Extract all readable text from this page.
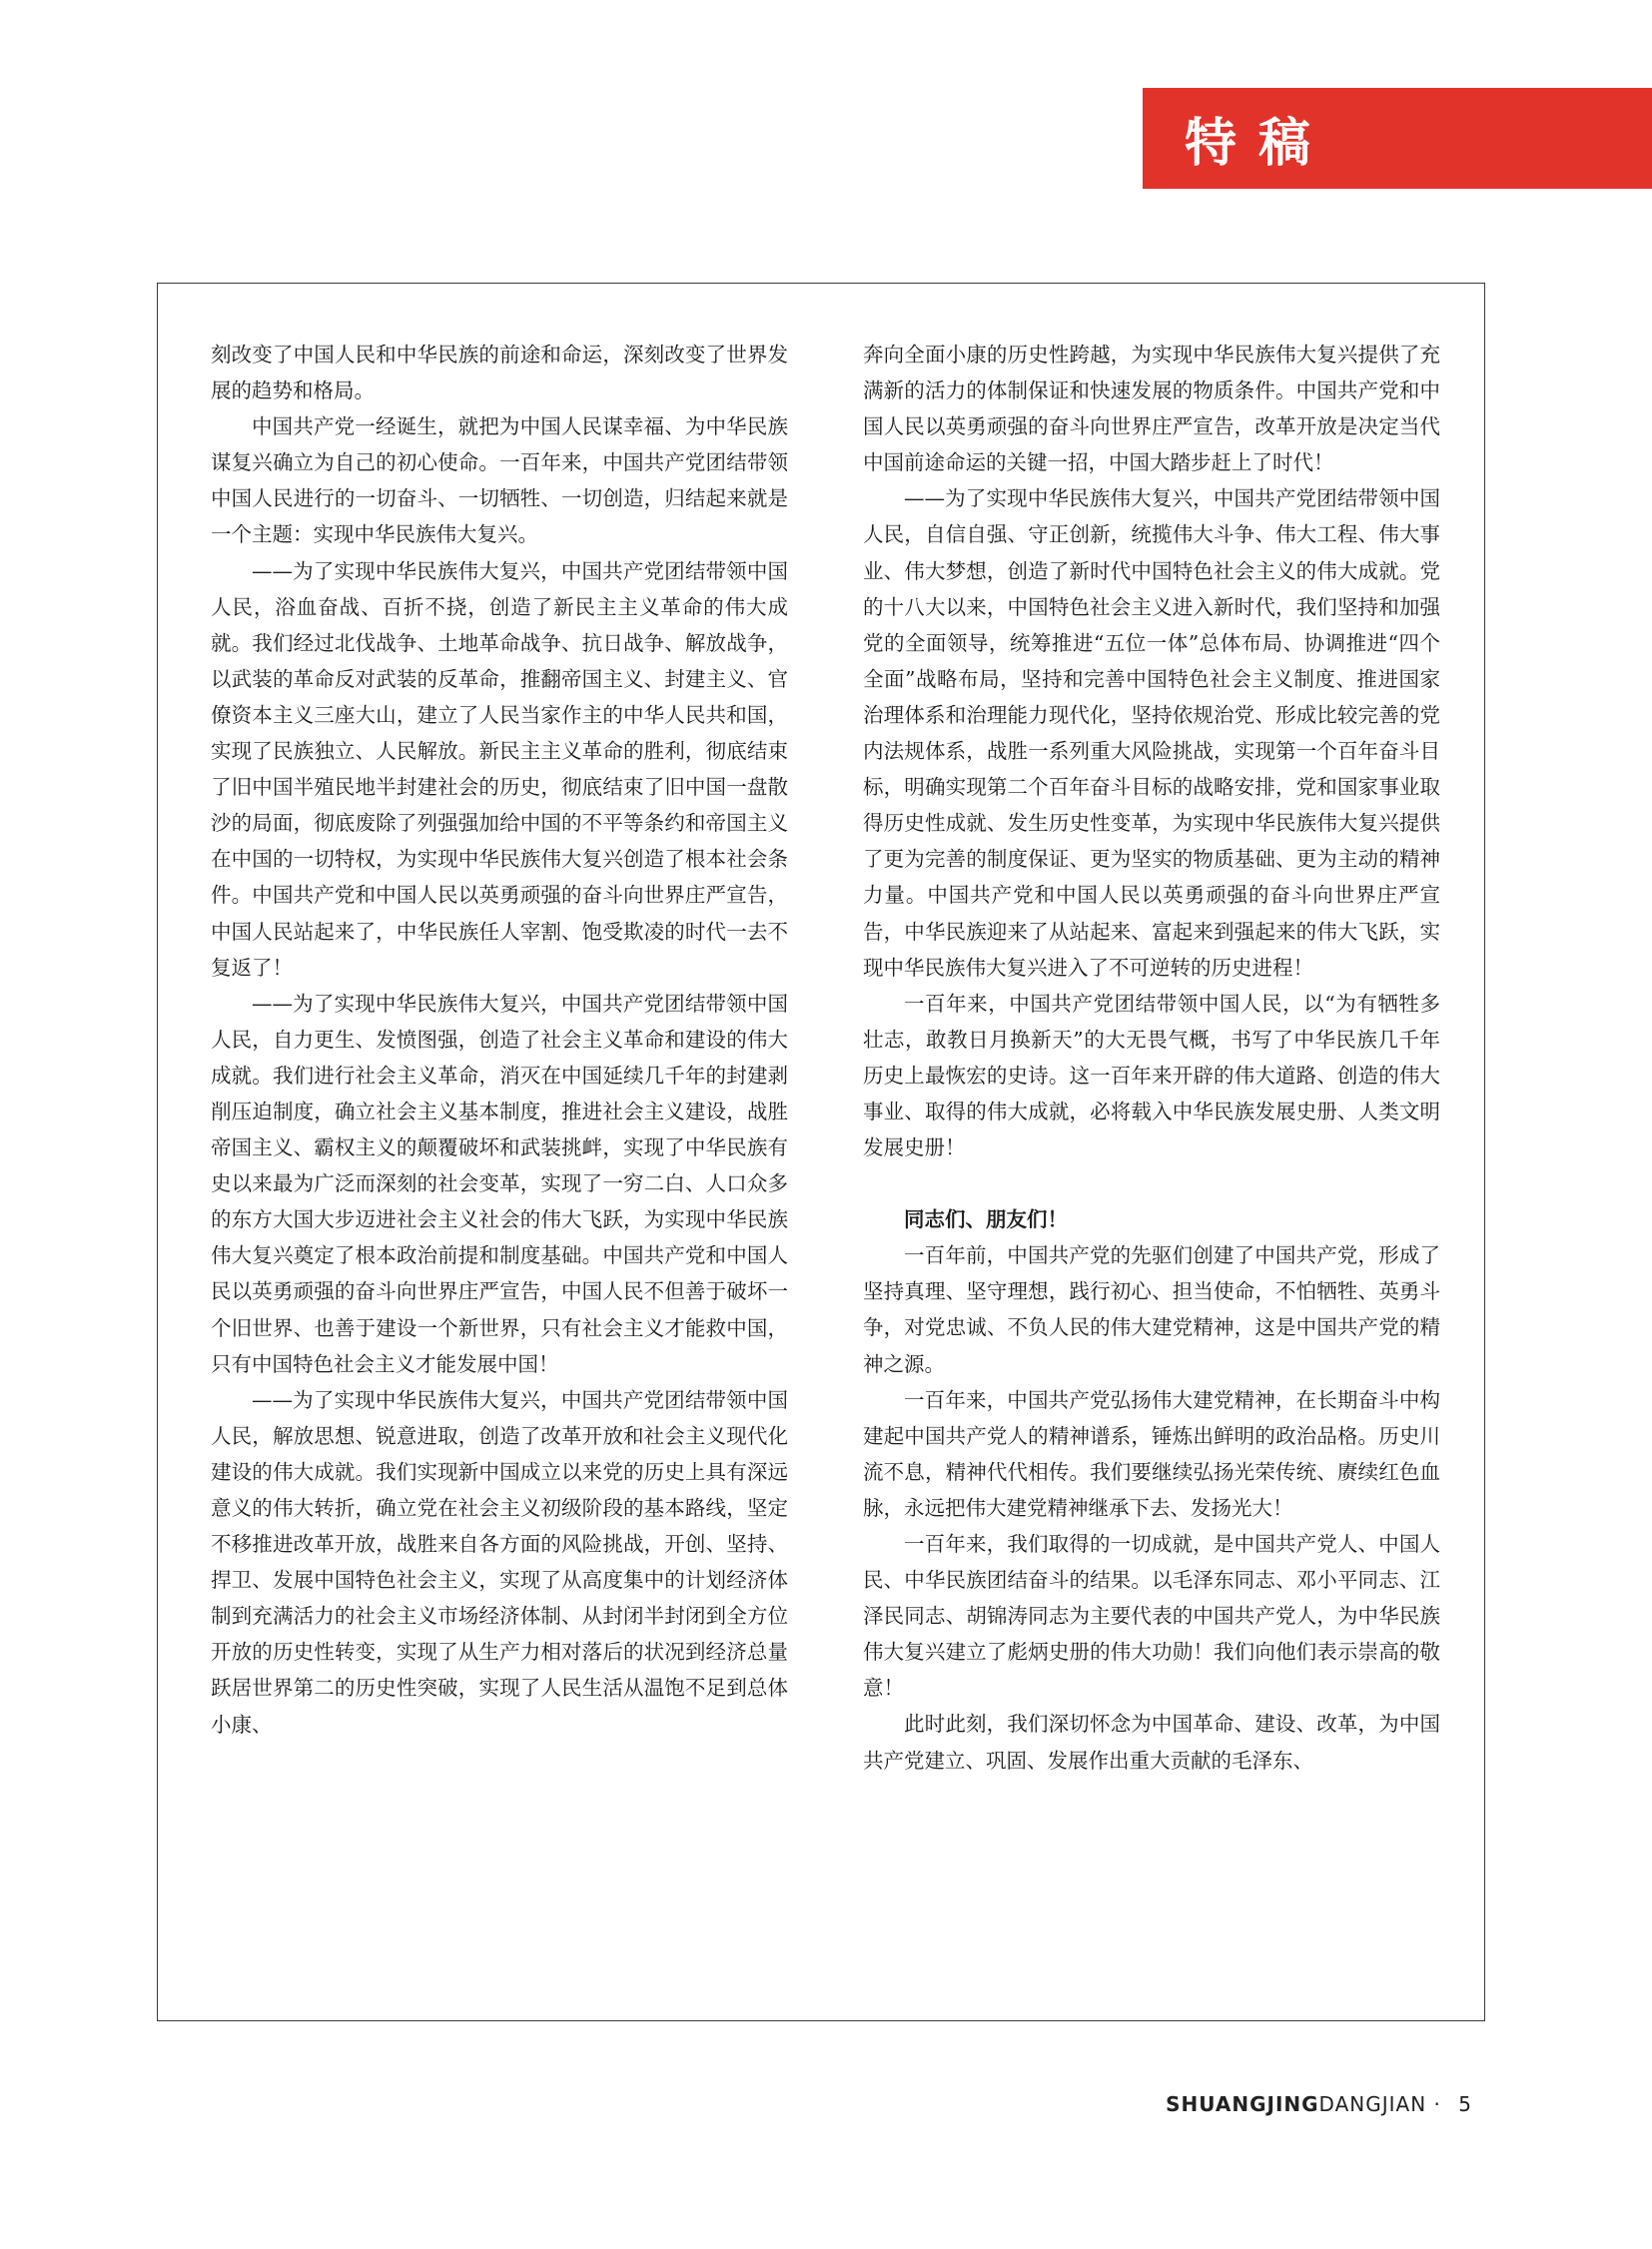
特稿

刻改变了中国人民和中华民族的前途和命运，深刻改变了世界发展的趋势和格局。

中国共产党一经诞生，就把为中国人民谋幸福、为中华民族谋复兴确立为自己的初心使命。一百年来，中国共产党团结带领中国人民进行的一切奋斗、一切牺牲、一切创造，归结起来就是一个主题：实现中华民族伟大复兴。

——为了实现中华民族伟大复兴，中国共产党团结带领中国人民，浴血奋战、百折不挠，创造了新民主主义革命的伟大成就。我们经过北伐战争、土地革命战争、抗日战争、解放战争，以武装的革命反对武装的反革命，推翻帝国主义、封建主义、官僚资本主义三座大山，建立了人民当家作主的中华人民共和国，实现了民族独立、人民解放。新民主主义革命的胜利，彻底结束了旧中国半殖民地半封建社会的历史，彻底结束了旧中国一盘散沙的局面，彻底废除了列强强加给中国的不平等条约和帝国主义在中国的一切特权，为实现中华民族伟大复兴创造了根本社会条件。中国共产党和中国人民以英勇顽强的奋斗向世界庄严宣告，中国人民站起来了，中华民族任人宰割、饱受欺凌的时代一去不复返了！

——为了实现中华民族伟大复兴，中国共产党团结带领中国人民，自力更生、发愤图强，创造了社会主义革命和建设的伟大成就。我们进行社会主义革命，消灭在中国延续几千年的封建剥削压迫制度，确立社会主义基本制度，推进社会主义建设，战胜帝国主义、霸权主义的颠覆破坏和武装挑衅，实现了中华民族有史以来最为广泛而深刻的社会变革，实现了一穷二白、人口众多的东方大国大步迈进社会主义社会的伟大飞跃，为实现中华民族伟大复兴奠定了根本政治前提和制度基础。中国共产党和中国人民以英勇顽强的奋斗向世界庄严宣告，中国人民不但善于破坏一个旧世界、也善于建设一个新世界，只有社会主义才能救中国，只有中国特色社会主义才能发展中国！

——为了实现中华民族伟大复兴，中国共产党团结带领中国人民，解放思想、锐意进取，创造了改革开放和社会主义现代化建设的伟大成就。我们实现新中国成立以来党的历史上具有深远意义的伟大转折，确立党在社会主义初级阶段的基本路线，坚定不移推进改革开放，战胜来自各方面的风险挑战，开创、坚持、捍卫、发展中国特色社会主义，实现了从高度集中的计划经济体制到充满活力的社会主义市场经济体制、从封闭半封闭到全方位开放的历史性转变，实现了从生产力相对落后的状况到经济总量跃居世界第二的历史性突破，实现了人民生活从温饱不足到总体小康、

奔向全面小康的历史性跨越，为实现中华民族伟大复兴提供了充满新的活力的体制保证和快速发展的物质条件。中国共产党和中国人民以英勇顽强的奋斗向世界庄严宣告，改革开放是决定当代中国前途命运的关键一招，中国大踏步赶上了时代！

——为了实现中华民族伟大复兴，中国共产党团结带领中国人民，自信自强、守正创新，统揽伟大斗争、伟大工程、伟大事业、伟大梦想，创造了新时代中国特色社会主义的伟大成就。党的十八大以来，中国特色社会主义进入新时代，我们坚持和加强党的全面领导，统筹推进“五位一体”总体布局、协调推进“四个全面”战略布局，坚持和完善中国特色社会主义制度、推进国家治理体系和治理能力现代化，坚持依规治党、形成比较完善的党内法规体系，战胜一系列重大风险挑战，实现第一个百年奋斗目标，明确实现第二个百年奋斗目标的战略安排，党和国家事业取得历史性成就、发生历史性变革，为实现中华民族伟大复兴提供了更为完善的制度保证、更为坚实的物质基础、更为主动的精神力量。中国共产党和中国人民以英勇顽强的奋斗向世界庄严宣告，中华民族迎来了从站起来、富起来到强起来的伟大飞跃，实现中华民族伟大复兴进入了不可逆转的历史进程！

一百年来，中国共产党团结带领中国人民，以“为有牺牲多壮志，敢教日月换新天”的大无畏气概，书写了中华民族几千年历史上最恢宏的史诗。这一百年来开辟的伟大道路、创造的伟大事业、取得的伟大成就，必将载入中华民族发展史册、人类文明发展史册！

同志们、朋友们！

一百年前，中国共产党的先驱们创建了中国共产党，形成了坚持真理、坚守理想，践行初心、担当使命，不怕牺牲、英勇斗争，对党忠诚、不负人民的伟大建党精神，这是中国共产党的精神之源。

一百年来，中国共产党弘扬伟大建党精神，在长期奋斗中构建起中国共产党人的精神谱系，锤炼出鲜明的政治品格。历史川流不息，精神代代相传。我们要继续弘扬光荣传统、赓续红色血脉，永远把伟大建党精神继承下去、发扬光大！

一百年来，我们取得的一切成就，是中国共产党人、中国人民、中华民族团结奋斗的结果。以毛泽东同志、邓小平同志、江泽民同志、胡锦涛同志为主要代表的中国共产党人，为中华民族伟大复兴建立了彪炳史册的伟大功勋！我们向他们表示崇高的敬意！

此时此刻，我们深切怀念为中国革命、建设、改革，为中国共产党建立、巩固、发展作出重大贡献的毛泽东、

SHUANGJINGDANGJIAN · 5
